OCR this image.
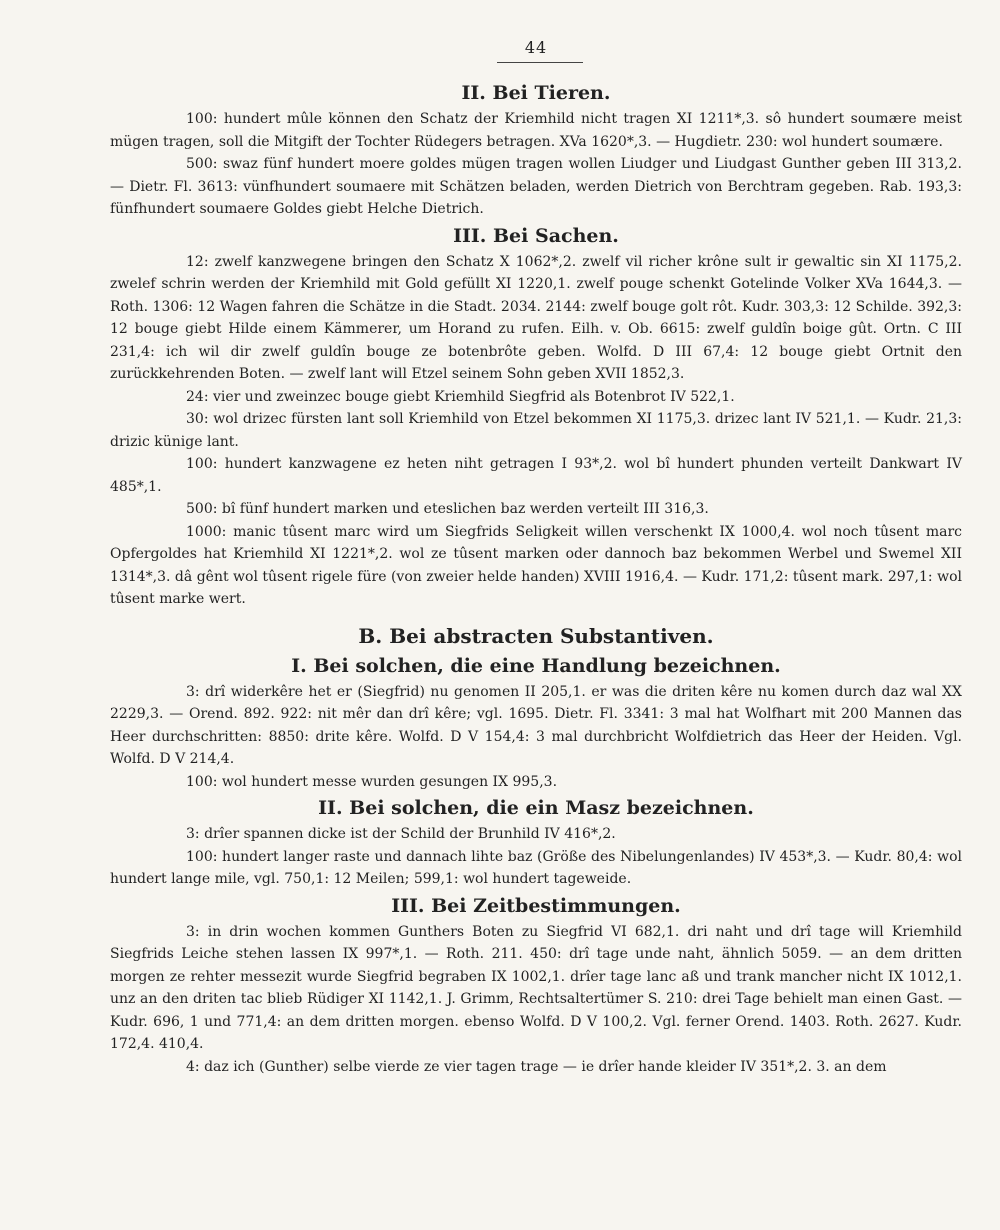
44
II. Bei Tieren.

100: hundert mûle können den Schatz der Kriemhild nicht tragen XI 1211*,3. sô hundert soumære meist mügen tragen, soll die Mitgift der Tochter Rüdegers betragen. XVa 1620*,3. — Hugdietr. 230: wol hundert soumære.

500: swaz fünf hundert moere goldes mügen tragen wollen Liudger und Liudgast Gunther geben III 313,2. — Dietr. Fl. 3613: vünfhundert soumaere mit Schätzen beladen, werden Dietrich von Berchtram gegeben. Rab. 193,3: fünfhundert soumaere Goldes giebt Helche Dietrich.

III. Bei Sachen.

12: zwelf kanzwegene bringen den Schatz X 1062*,2. zwelf vil richer krône sult ir gewaltic sin XI 1175,2. zwelef schrin werden der Kriemhild mit Gold gefüllt XI 1220,1. zwelf pouge schenkt Gotelinde Volker XVa 1644,3. — Roth. 1306: 12 Wagen fahren die Schätze in die Stadt. 2034. 2144: zwelf bouge golt rôt. Kudr. 303,3: 12 Schilde. 392,3: 12 bouge giebt Hilde einem Kämmerer, um Horand zu rufen. Eilh. v. Ob. 6615: zwelf guldîn boige gût. Ortn. C III 231,4: ich wil dir zwelf guldîn bouge ze botenbrôte geben. Wolfd. D III 67,4: 12 bouge giebt Ortnit den zurückkehrenden Boten. — zwelf lant will Etzel seinem Sohn geben XVII 1852,3.

24: vier und zweinzec bouge giebt Kriemhild Siegfrid als Botenbrot IV 522,1.

30: wol drizec fürsten lant soll Kriemhild von Etzel bekommen XI 1175,3. drizec lant IV 521,1. — Kudr. 21,3: drizic künige lant.

100: hundert kanzwagene ez heten niht getragen I 93*,2. wol bî hundert phunden verteilt Dankwart IV 485*,1.

500: bî fünf hundert marken und eteslichen baz werden verteilt III 316,3.

1000: manic tûsent marc wird um Siegfrids Seligkeit willen verschenkt IX 1000,4. wol noch tûsent marc Opfergoldes hat Kriemhild XI 1221*,2. wol ze tûsent marken oder dannoch baz bekommen Werbel und Swemel XII 1314*,3. dâ gênt wol tûsent rigele füre (von zweier helde handen) XVIII 1916,4. — Kudr. 171,2: tûsent mark. 297,1: wol tûsent marke wert.

B. Bei abstracten Substantiven.
I. Bei solchen, die eine Handlung bezeichnen.

3: drî widerkêre het er (Siegfrid) nu genomen II 205,1. er was die driten kêre nu komen durch daz wal XX 2229,3. — Orend. 892. 922: nit mêr dan drî kêre; vgl. 1695. Dietr. Fl. 3341: 3 mal hat Wolfhart mit 200 Mannen das Heer durchschritten: 8850: drite kêre. Wolfd. D V 154,4: 3 mal durchbricht Wolfdietrich das Heer der Heiden. Vgl. Wolfd. D V 214,4.

100: wol hundert messe wurden gesungen IX 995,3.

II. Bei solchen, die ein Masz bezeichnen.

3: drîer spannen dicke ist der Schild der Brunhild IV 416*,2.

100: hundert langer raste und dannach lihte baz (Größe des Nibelungenlandes) IV 453*,3. — Kudr. 80,4: wol hundert lange mile, vgl. 750,1: 12 Meilen; 599,1: wol hundert tageweide.

III. Bei Zeitbestimmungen.

3: in drin wochen kommen Gunthers Boten zu Siegfrid VI 682,1. dri naht und drî tage will Kriemhild Siegfrids Leiche stehen lassen IX 997*,1. — Roth. 211. 450: drî tage unde naht, ähnlich 5059. — an dem dritten morgen ze rehter messezit wurde Siegfrid begraben IX 1002,1. drîer tage lanc aß und trank mancher nicht IX 1012,1. unz an den driten tac blieb Rüdiger XI 1142,1. J. Grimm, Rechtsaltertümer S. 210: drei Tage behielt man einen Gast. — Kudr. 696, 1 und 771,4: an dem dritten morgen. ebenso Wolfd. D V 100,2. Vgl. ferner Orend. 1403. Roth. 2627. Kudr. 172,4. 410,4.

4: daz ich (Gunther) selbe vierde ze vier tagen trage — ie drîer hande kleider IV 351*,2. 3. an dem
